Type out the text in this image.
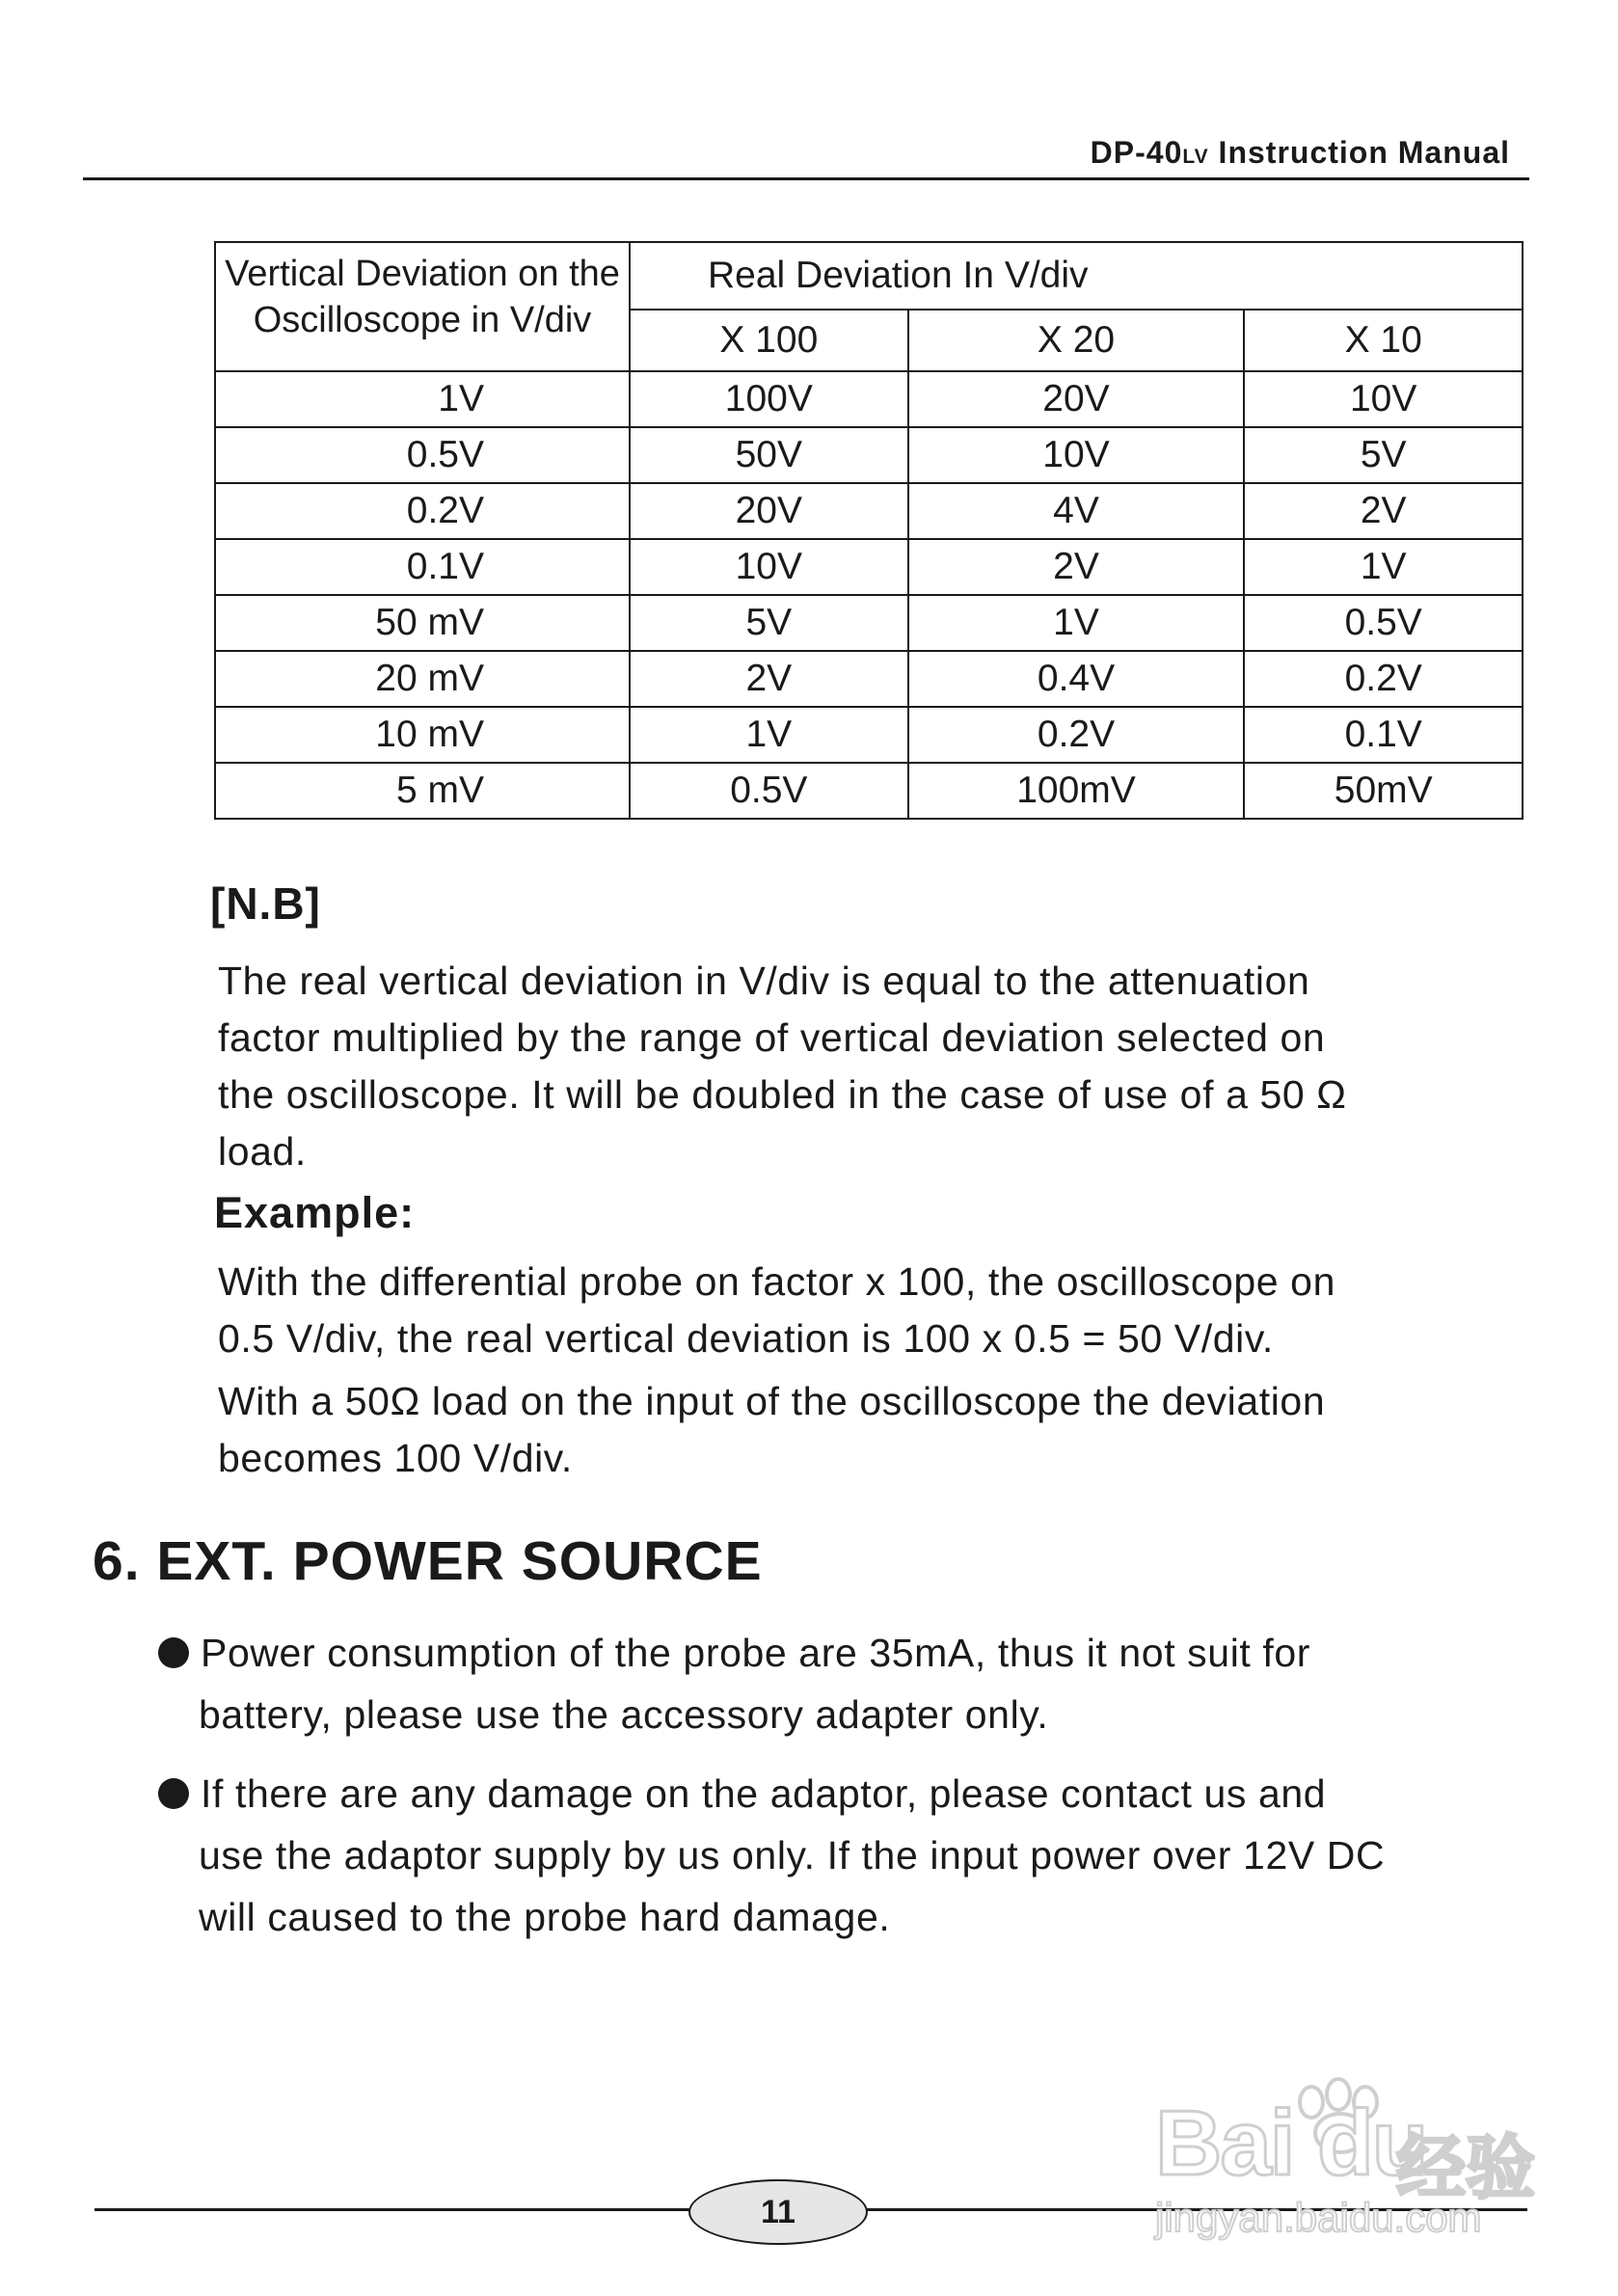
DP-40LV Instruction Manual
Vertical Deviation on the
Oscilloscope in V/div	Real Deviation In V/div		
	X 100	X 20	X 10
1V	100V	20V	10V
0.5V	50V	10V	5V
0.2V	20V	4V	2V
0.1V	10V	2V	1V
50 mV	5V	1V	0.5V
20 mV	2V	0.4V	0.2V
10 mV	1V	0.2V	0.1V
5 mV	0.5V	100mV	50mV
[N.B]
The real vertical deviation in V/div is equal to the attenuation
factor multiplied by the range of vertical deviation selected on
the oscilloscope. It will be doubled in the case of use of a 50 Ω
load.
Example:
With the differential probe on factor x 100, the oscilloscope on
0.5 V/div, the real vertical deviation is 100 x 0.5 = 50 V/div.
With a 50Ω load on the input of the oscilloscope the deviation
becomes 100 V/div.
6. EXT. POWER SOURCE
Power consumption of the probe are 35mA, thus it not suit for
battery, please use the accessory adapter only.
If there are any damage on the adaptor, please contact us and
use the adaptor supply by us only. If the input power over 12V DC
will caused to the probe hard damage.
11
Bai du
经验
jingyan.baidu.com
